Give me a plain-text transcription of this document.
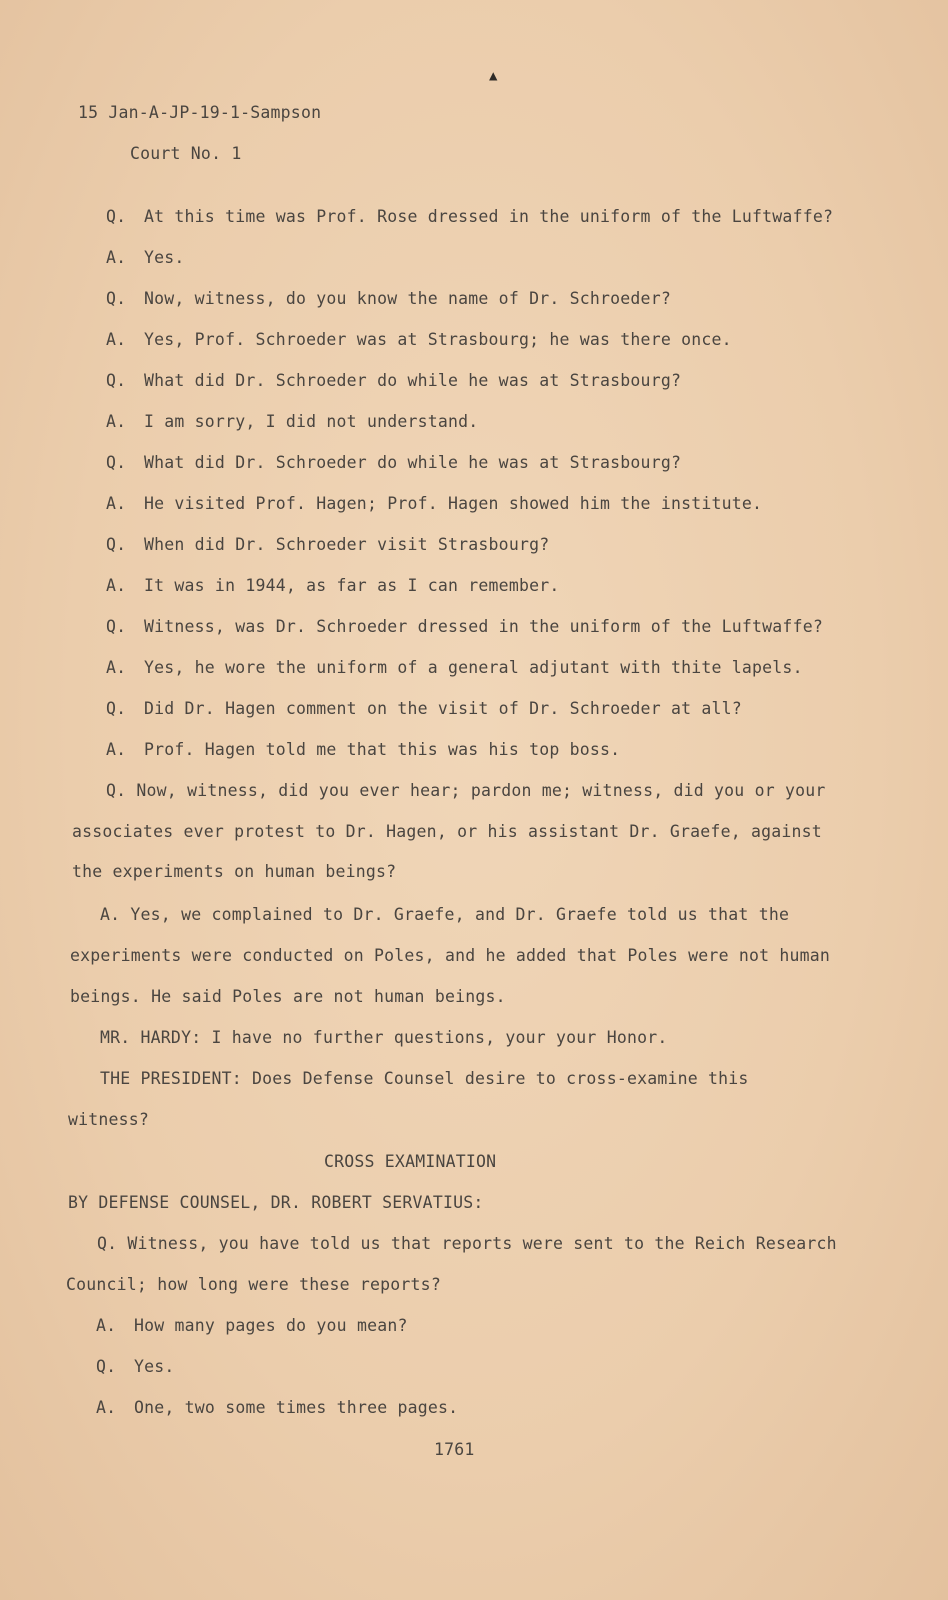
▲

15 Jan-A-JP-19-1-Sampson

Court No. 1

Q. At this time was Prof. Rose dressed in the uniform of the Luftwaffe?

A. Yes.

Q. Now, witness, do you know the name of Dr. Schroeder?

A. Yes, Prof. Schroeder was at Strasbourg; he was there once.

Q. What did Dr. Schroeder do while he was at Strasbourg?

A. I am sorry, I did not understand.

Q. What did Dr. Schroeder do while he was at Strasbourg?

A. He visited Prof. Hagen; Prof. Hagen showed him the institute.

Q. When did Dr. Schroeder visit Strasbourg?

A. It was in 1944, as far as I can remember.

Q. Witness, was Dr. Schroeder dressed in the uniform of the Luftwaffe?

A. Yes, he wore the uniform of a general adjutant with thite lapels.

Q. Did Dr. Hagen comment on the visit of Dr. Schroeder at all?

A. Prof. Hagen told me that this was his top boss.

Q. Now, witness, did you ever hear; pardon me; witness, did you or your

associates ever protest to Dr. Hagen, or his assistant Dr. Graefe, against

the experiments on human beings?

A. Yes, we complained to Dr. Graefe, and Dr. Graefe told us that the

experiments were conducted on Poles, and he added that Poles were not human

beings. He said Poles are not human beings.

MR. HARDY: I have no further questions, your your Honor.

THE PRESIDENT: Does Defense Counsel desire to cross-examine this

witness?

CROSS EXAMINATION

BY DEFENSE COUNSEL, DR. ROBERT SERVATIUS:

Q. Witness, you have told us that reports were sent to the Reich Research

Council; how long were these reports?

A. How many pages do you mean?

Q. Yes.

A. One, two some times three pages.

1761
